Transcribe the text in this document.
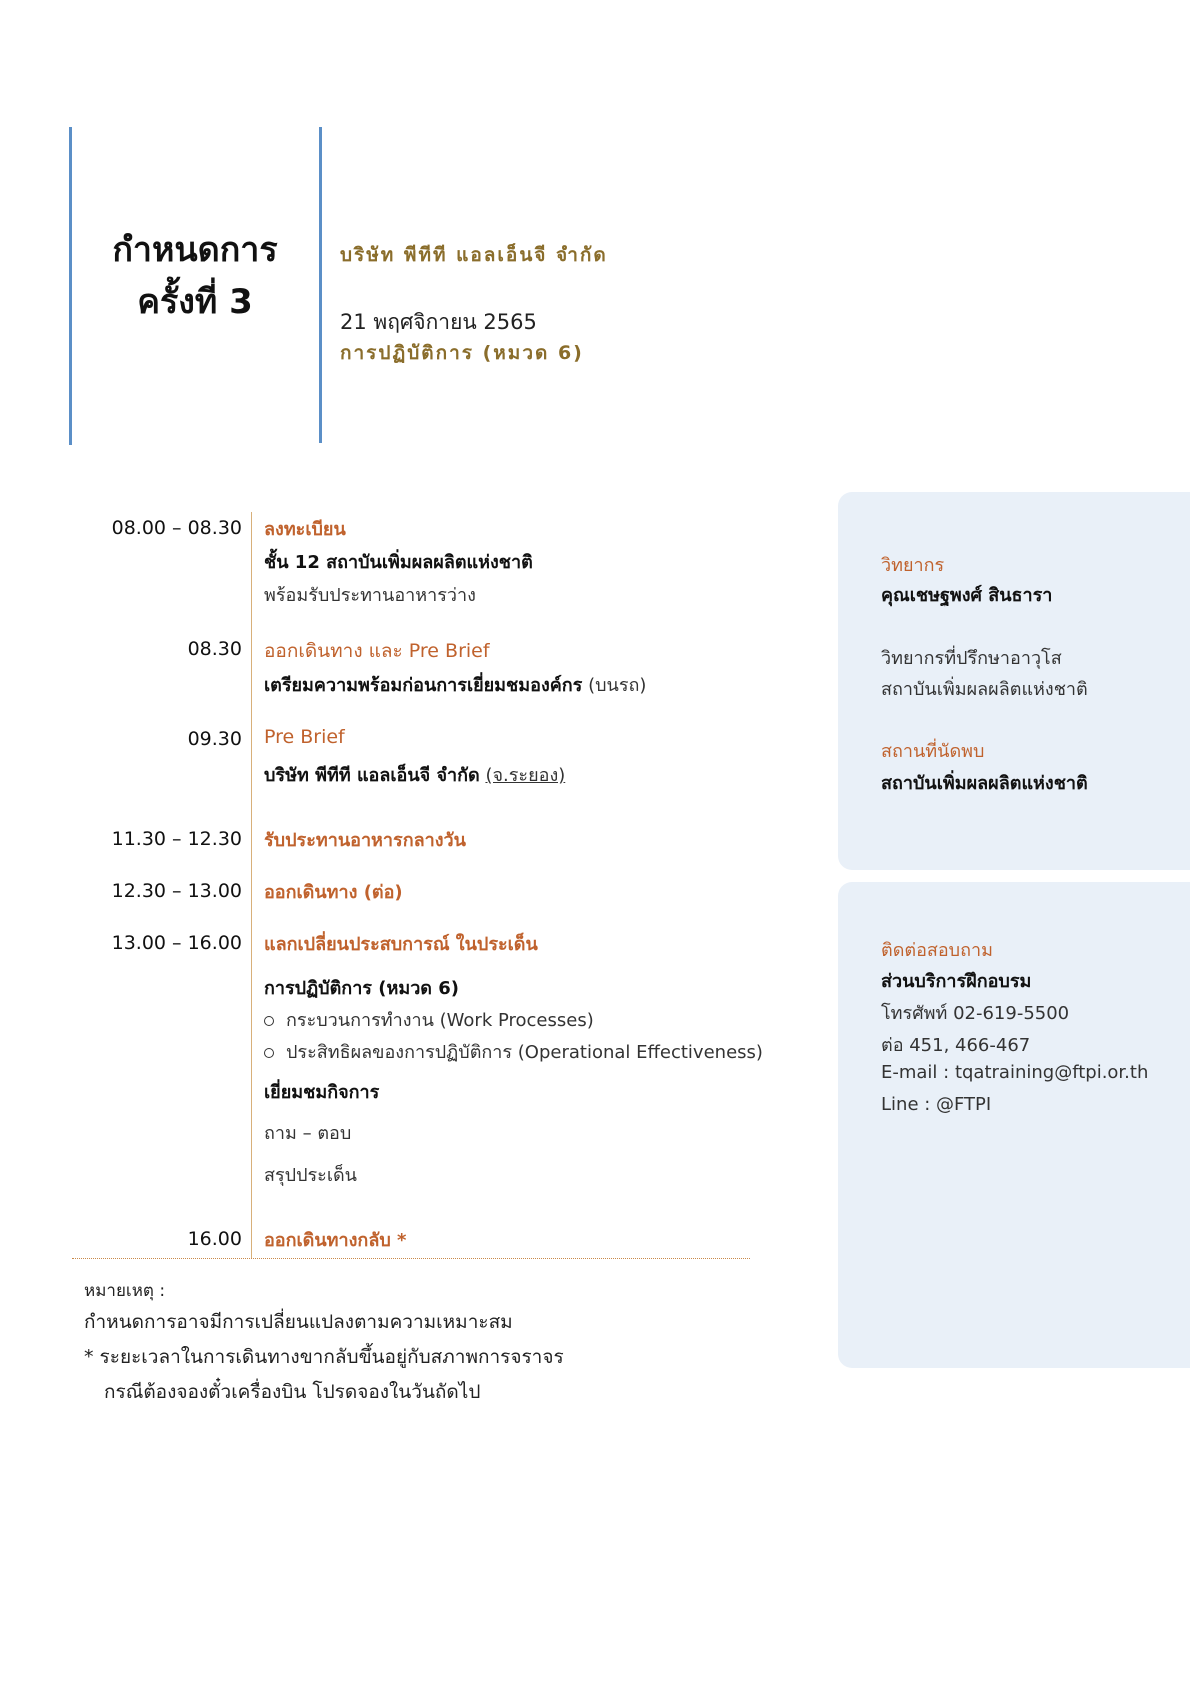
กำหนดการ
ครั้งที่ 3
บริษัท พีทีที แอลเอ็นจี จำกัด
21 พฤศจิกายน 2565
การปฏิบัติการ (หมวด 6)
08.00 – 08.30 ลงทะเบียน
ชั้น 12 สถาบันเพิ่มผลผลิตแห่งชาติ
พร้อมรับประทานอาหารว่าง
08.30 ออกเดินทาง และ Pre Brief
เตรียมความพร้อมก่อนการเยี่ยมชมองค์กร (บนรถ)
09.30 Pre Brief
บริษัท พีทีที แอลเอ็นจี จำกัด (จ.ระยอง)
11.30 – 12.30 รับประทานอาหารกลางวัน
12.30 – 13.00 ออกเดินทาง (ต่อ)
13.00 – 16.00 แลกเปลี่ยนประสบการณ์ ในประเด็น
การปฏิบัติการ (หมวด 6)
กระบวนการทำงาน (Work Processes)
ประสิทธิผลของการปฏิบัติการ (Operational Effectiveness)
เยี่ยมชมกิจการ
ถาม – ตอบ
สรุปประเด็น
16.00 ออกเดินทางกลับ *
หมายเหตุ :
กำหนดการอาจมีการเปลี่ยนแปลงตามความเหมาะสม
* ระยะเวลาในการเดินทางขากลับขึ้นอยู่กับสภาพการจราจร
กรณีต้องจองตั๋วเครื่องบิน โปรดจองในวันถัดไป
วิทยากร
คุณเชษฐพงศ์ สินธารา
วิทยากรที่ปรึกษาอาวุโส
สถาบันเพิ่มผลผลิตแห่งชาติ
สถานที่นัดพบ
สถาบันเพิ่มผลผลิตแห่งชาติ
ติดต่อสอบถาม
ส่วนบริการฝึกอบรม
โทรศัพท์ 02-619-5500
ต่อ 451, 466-467
E-mail : tqatraining@ftpi.or.th
Line : @FTPI
